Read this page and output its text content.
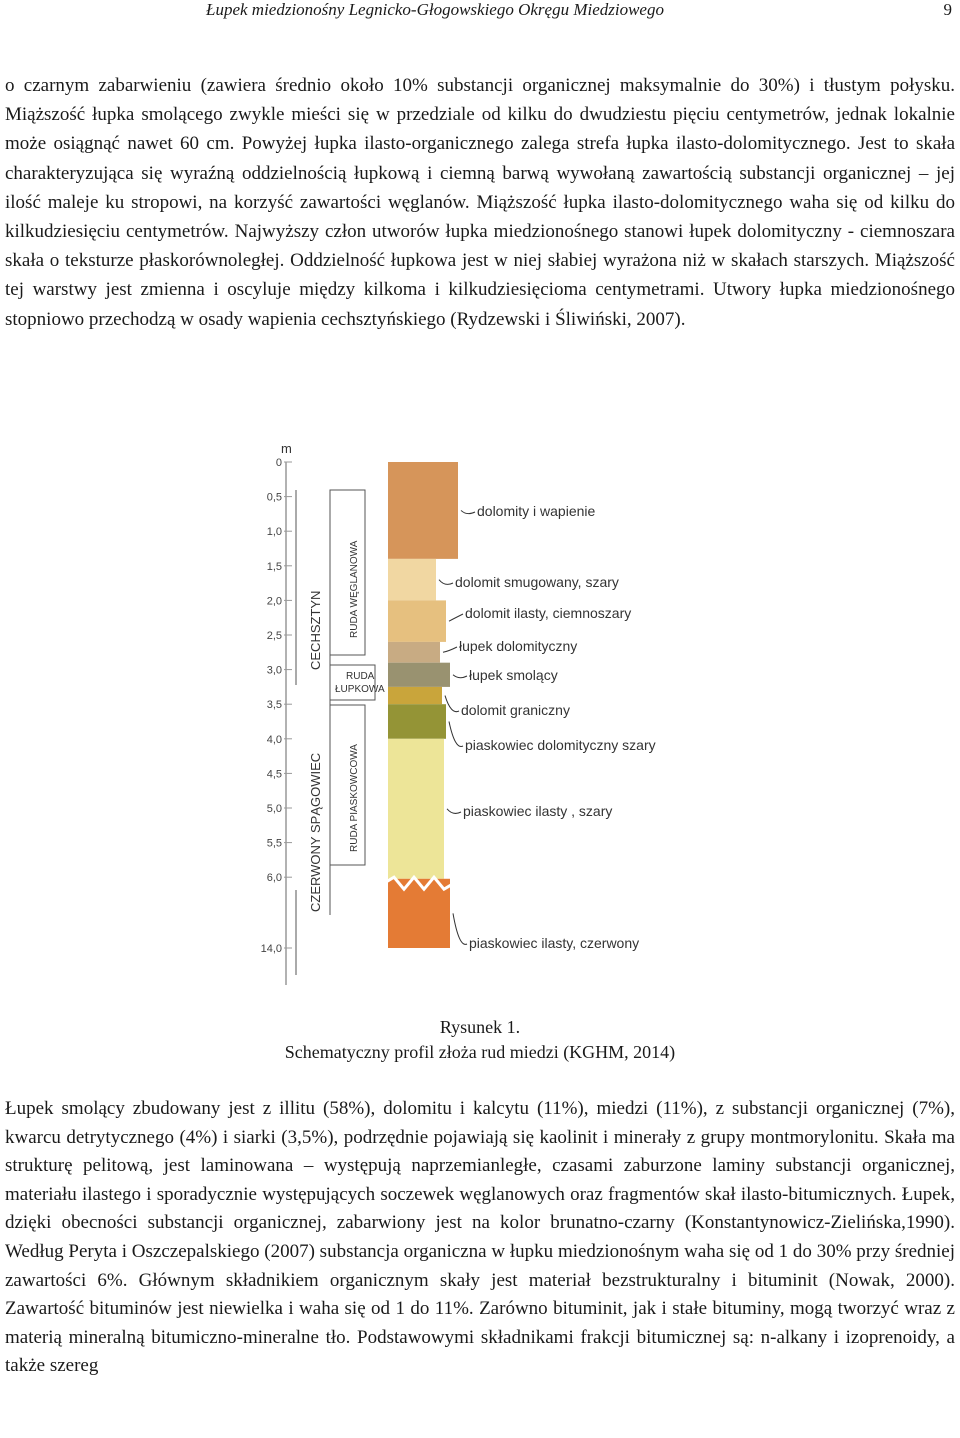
Łupek miedzionośny Legnicko-Głogowskiego Okręgu Miedziowego	9

o czarnym zabarwieniu (zawiera średnio około 10% substancji organicznej maksymalnie do 30%) i tłustym połysku. Miąższość łupka smolącego zwykle mieści się w przedziale od kilku do dwudziestu pięciu centymetrów, jednak lokalnie może osiągnąć nawet 60 cm. Powyżej łupka ilasto-organicznego zalega strefa łupka ilasto-dolomitycznego. Jest to skała charakteryzująca się wyraźną oddzielnością łupkową i ciemną barwą wywołaną zawartością substancji organicznej – jej ilość maleje ku stropowi, na korzyść zawartości węglanów. Miąższość łupka ilasto-dolomitycznego waha się od kilku do kilkudziesięciu centymetrów. Najwyższy człon utworów łupka miedzionośnego stanowi łupek dolomityczny - ciemnoszara skała o teksturze płaskorównoległej. Oddzielność łupkowa jest w niej słabiej wyrażona niż w skałach starszych. Miąższość tej warstwy jest zmienna i oscyluje między kilkoma i kilkudziesięcioma centymetrami. Utwory łupka miedzionośnego stopniowo przechodzą w osady wapienia cechsztyńskiego (Rydzewski i Śliwiński, 2007).

m
0
0,5
1,0
1,5
2,0
2,5
3,0
3,5
4,0
4,5
5,0
5,5
6,0
14,0
dolomity i wapienie
dolomit smugowany, szary
dolomit ilasty, ciemnoszary
łupek dolomityczny
łupek smolący
dolomit graniczny
piaskowiec dolomityczny szary
piaskowiec ilasty , szary
piaskowiec ilasty, czerwony
CECHSZTYN
CZERWONY SPĄGOWIEC
RUDA WĘGLANOWA
RUDA
ŁUPKOWA
RUDA PIASKOWCOWA
Rysunek 1.
Schematyczny profil złoża rud miedzi (KGHM, 2014)

Łupek smolący zbudowany jest z illitu (58%), dolomitu i kalcytu (11%), miedzi (11%), z substancji organicznej (7%), kwarcu detrytycznego (4%) i siarki (3,5%), podrzędnie pojawiają się kaolinit i minerały z grupy montmorylonitu. Skała ma strukturę pelitową, jest laminowana – występują naprzemianległe, czasami zaburzone laminy substancji organicznej, materiału ilastego i sporadycznie występujących soczewek węglanowych oraz fragmentów skał ilasto-bitumicznych. Łupek, dzięki obecności substancji organicznej, zabarwiony jest na kolor brunatno-czarny (Konstantynowicz-Zielińska,1990). Według Peryta i Oszczepalskiego (2007) substancja organiczna w łupku miedzionośnym waha się od 1 do 30% przy średniej zawartości 6%. Głównym składnikiem organicznym skały jest materiał bezstrukturalny i bituminit (Nowak, 2000). Zawartość bituminów jest niewielka i waha się od 1 do 11%. Zarówno bituminit, jak i stałe bituminy, mogą tworzyć wraz z materią mineralną bitumiczno-mineralne tło. Podstawowymi składnikami frakcji bitumicznej są: n-alkany i izoprenoidy, a także szereg
